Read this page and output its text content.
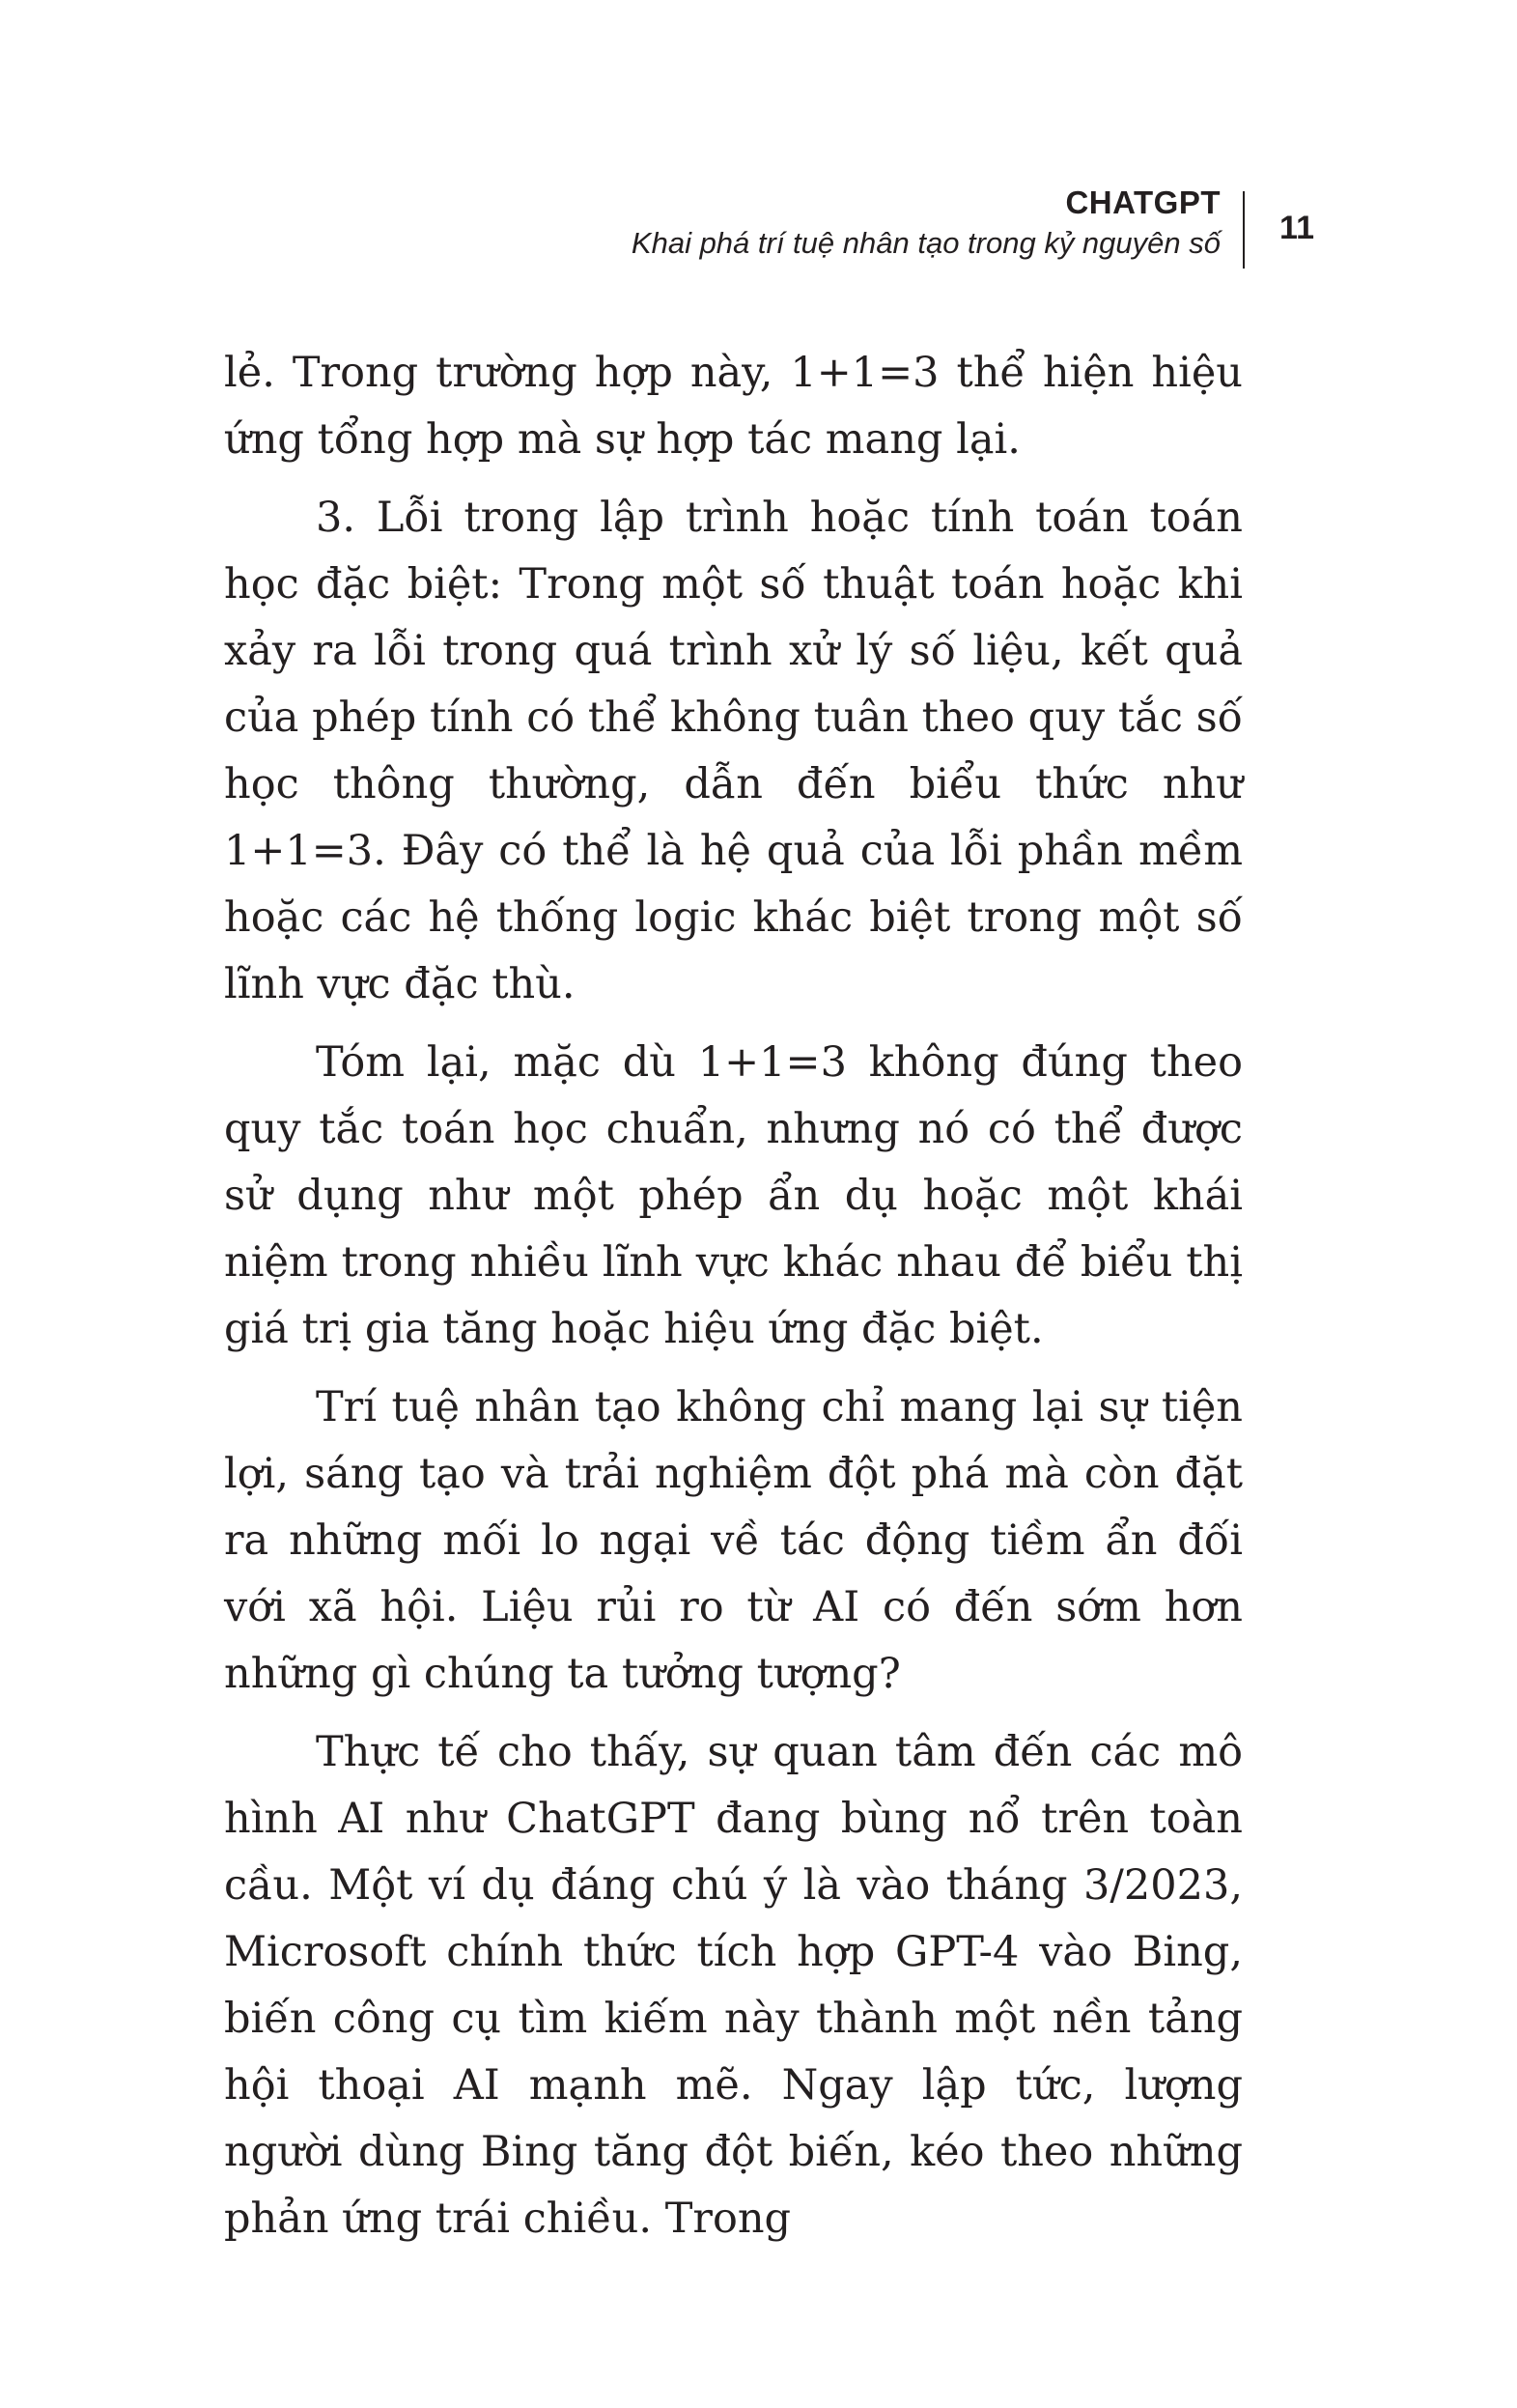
CHATGPT
Khai phá trí tuệ nhân tạo trong kỷ nguyên số 11

lẻ. Trong trường hợp này, 1+1=3 thể hiện hiệu ứng tổng hợp mà sự hợp tác mang lại.

3. Lỗi trong lập trình hoặc tính toán toán học đặc biệt: Trong một số thuật toán hoặc khi xảy ra lỗi trong quá trình xử lý số liệu, kết quả của phép tính có thể không tuân theo quy tắc số học thông thường, dẫn đến biểu thức như 1+1=3. Đây có thể là hệ quả của lỗi phần mềm hoặc các hệ thống logic khác biệt trong một số lĩnh vực đặc thù.

Tóm lại, mặc dù 1+1=3 không đúng theo quy tắc toán học chuẩn, nhưng nó có thể được sử dụng như một phép ẩn dụ hoặc một khái niệm trong nhiều lĩnh vực khác nhau để biểu thị giá trị gia tăng hoặc hiệu ứng đặc biệt.

Trí tuệ nhân tạo không chỉ mang lại sự tiện lợi, sáng tạo và trải nghiệm đột phá mà còn đặt ra những mối lo ngại về tác động tiềm ẩn đối với xã hội. Liệu rủi ro từ AI có đến sớm hơn những gì chúng ta tưởng tượng?

Thực tế cho thấy, sự quan tâm đến các mô hình AI như ChatGPT đang bùng nổ trên toàn cầu. Một ví dụ đáng chú ý là vào tháng 3/2023, Microsoft chính thức tích hợp GPT-4 vào Bing, biến công cụ tìm kiếm này thành một nền tảng hội thoại AI mạnh mẽ. Ngay lập tức, lượng người dùng Bing tăng đột biến, kéo theo những phản ứng trái chiều. Trong
